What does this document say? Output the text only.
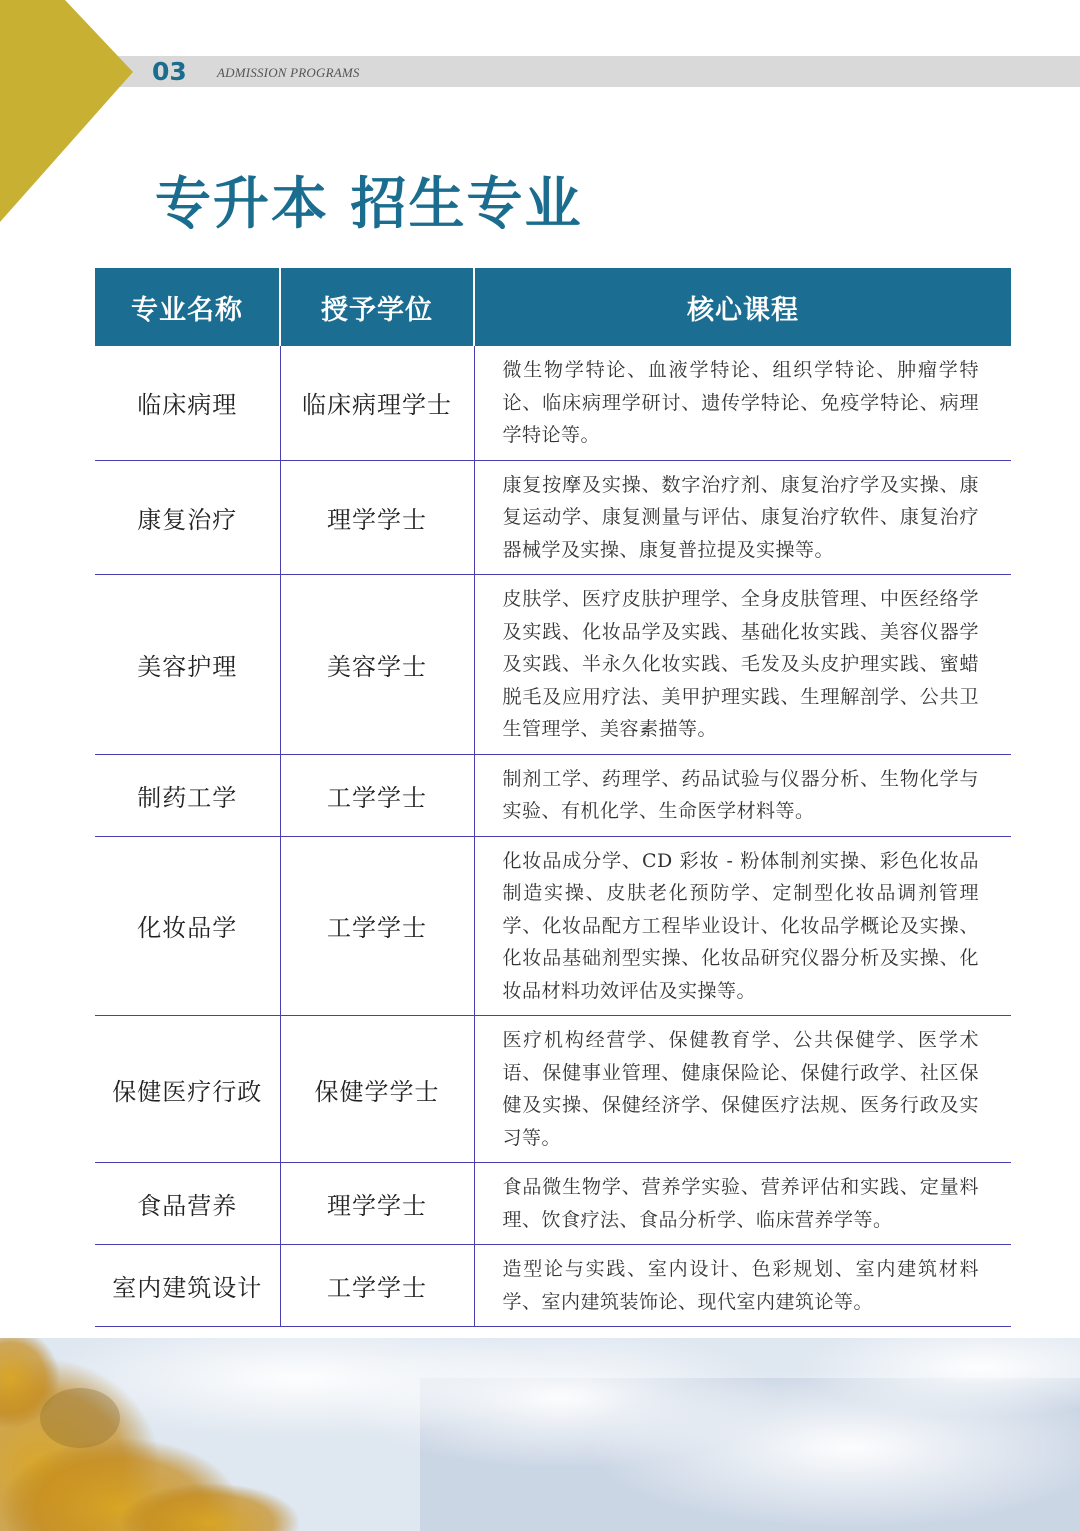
03 ADMISSION PROGRAMS
专升本 招生专业
专业名称	授予学位	核心课程
临床病理	临床病理学士	微生物学特论、血液学特论、组织学特论、肿瘤学特论、临床病理学研讨、遗传学特论、免疫学特论、病理学特论等。
康复治疗	理学学士	康复按摩及实操、数字治疗剂、康复治疗学及实操、康复运动学、康复测量与评估、康复治疗软件、康复治疗器械学及实操、康复普拉提及实操等。
美容护理	美容学士	皮肤学、医疗皮肤护理学、全身皮肤管理、中医经络学及实践、化妆品学及实践、基础化妆实践、美容仪器学及实践、半永久化妆实践、毛发及头皮护理实践、蜜蜡脱毛及应用疗法、美甲护理实践、生理解剖学、公共卫生管理学、美容素描等。
制药工学	工学学士	制剂工学、药理学、药品试验与仪器分析、生物化学与实验、有机化学、生命医学材料等。
化妆品学	工学学士	化妆品成分学、CD 彩妆 - 粉体制剂实操、彩色化妆品制造实操、皮肤老化预防学、定制型化妆品调剂管理学、化妆品配方工程毕业设计、化妆品学概论及实操、化妆品基础剂型实操、化妆品研究仪器分析及实操、化妆品材料功效评估及实操等。
保健医疗行政	保健学学士	医疗机构经营学、保健教育学、公共保健学、医学术语、保健事业管理、健康保险论、保健行政学、社区保健及实操、保健经济学、保健医疗法规、医务行政及实习等。
食品营养	理学学士	食品微生物学、营养学实验、营养评估和实践、定量料理、饮食疗法、食品分析学、临床营养学等。
室内建筑设计	工学学士	造型论与实践、室内设计、色彩规划、室内建筑材料学、室内建筑装饰论、现代室内建筑论等。
